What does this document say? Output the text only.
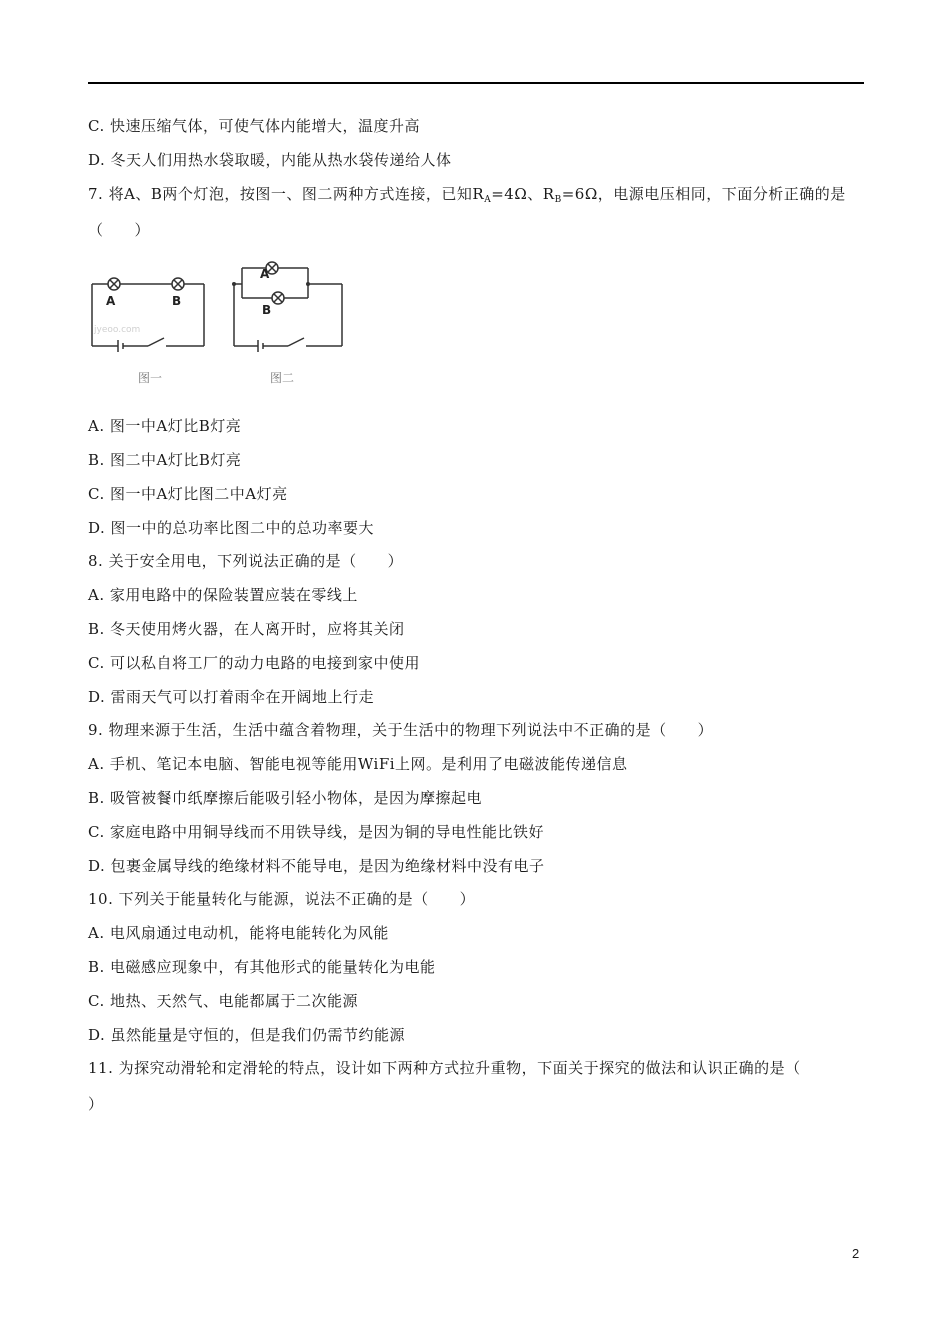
C. 快速压缩气体，可使气体内能增大，温度升高
D. 冬天人们用热水袋取暖，内能从热水袋传递给人体
7. 将A、B两个灯泡，按图一、图二两种方式连接，已知$R_A=4\Omega$、$R_B=6\Omega$，电源电压相同，下面分析正确的是
（　　）
A	B
A
B
jyeoo.com
图一	图二
A. 图一中A灯比B灯亮
B. 图二中A灯比B灯亮
C. 图一中A灯比图二中A灯亮
D. 图一中的总功率比图二中的总功率要大
8. 关于安全用电，下列说法正确的是（　　）
A. 家用电路中的保险装置应装在零线上
B. 冬天使用烤火器，在人离开时，应将其关闭
C. 可以私自将工厂的动力电路的电接到家中使用
D. 雷雨天气可以打着雨伞在开阔地上行走
9. 物理来源于生活，生活中蕴含着物理，关于生活中的物理下列说法中不正确的是（　　）
A. 手机、笔记本电脑、智能电视等能用WiFi上网。是利用了电磁波能传递信息
B. 吸管被餐巾纸摩擦后能吸引轻小物体，是因为摩擦起电
C. 家庭电路中用铜导线而不用铁导线，是因为铜的导电性能比铁好
D. 包裹金属导线的绝缘材料不能导电，是因为绝缘材料中没有电子
10. 下列关于能量转化与能源，说法不正确的是（　　）
A. 电风扇通过电动机，能将电能转化为风能
B. 电磁感应现象中，有其他形式的能量转化为电能
C. 地热、天然气、电能都属于二次能源
D. 虽然能量是守恒的，但是我们仍需节约能源
11. 为探究动滑轮和定滑轮的特点，设计如下两种方式拉升重物，下面关于探究的做法和认识正确的是（
）
2
